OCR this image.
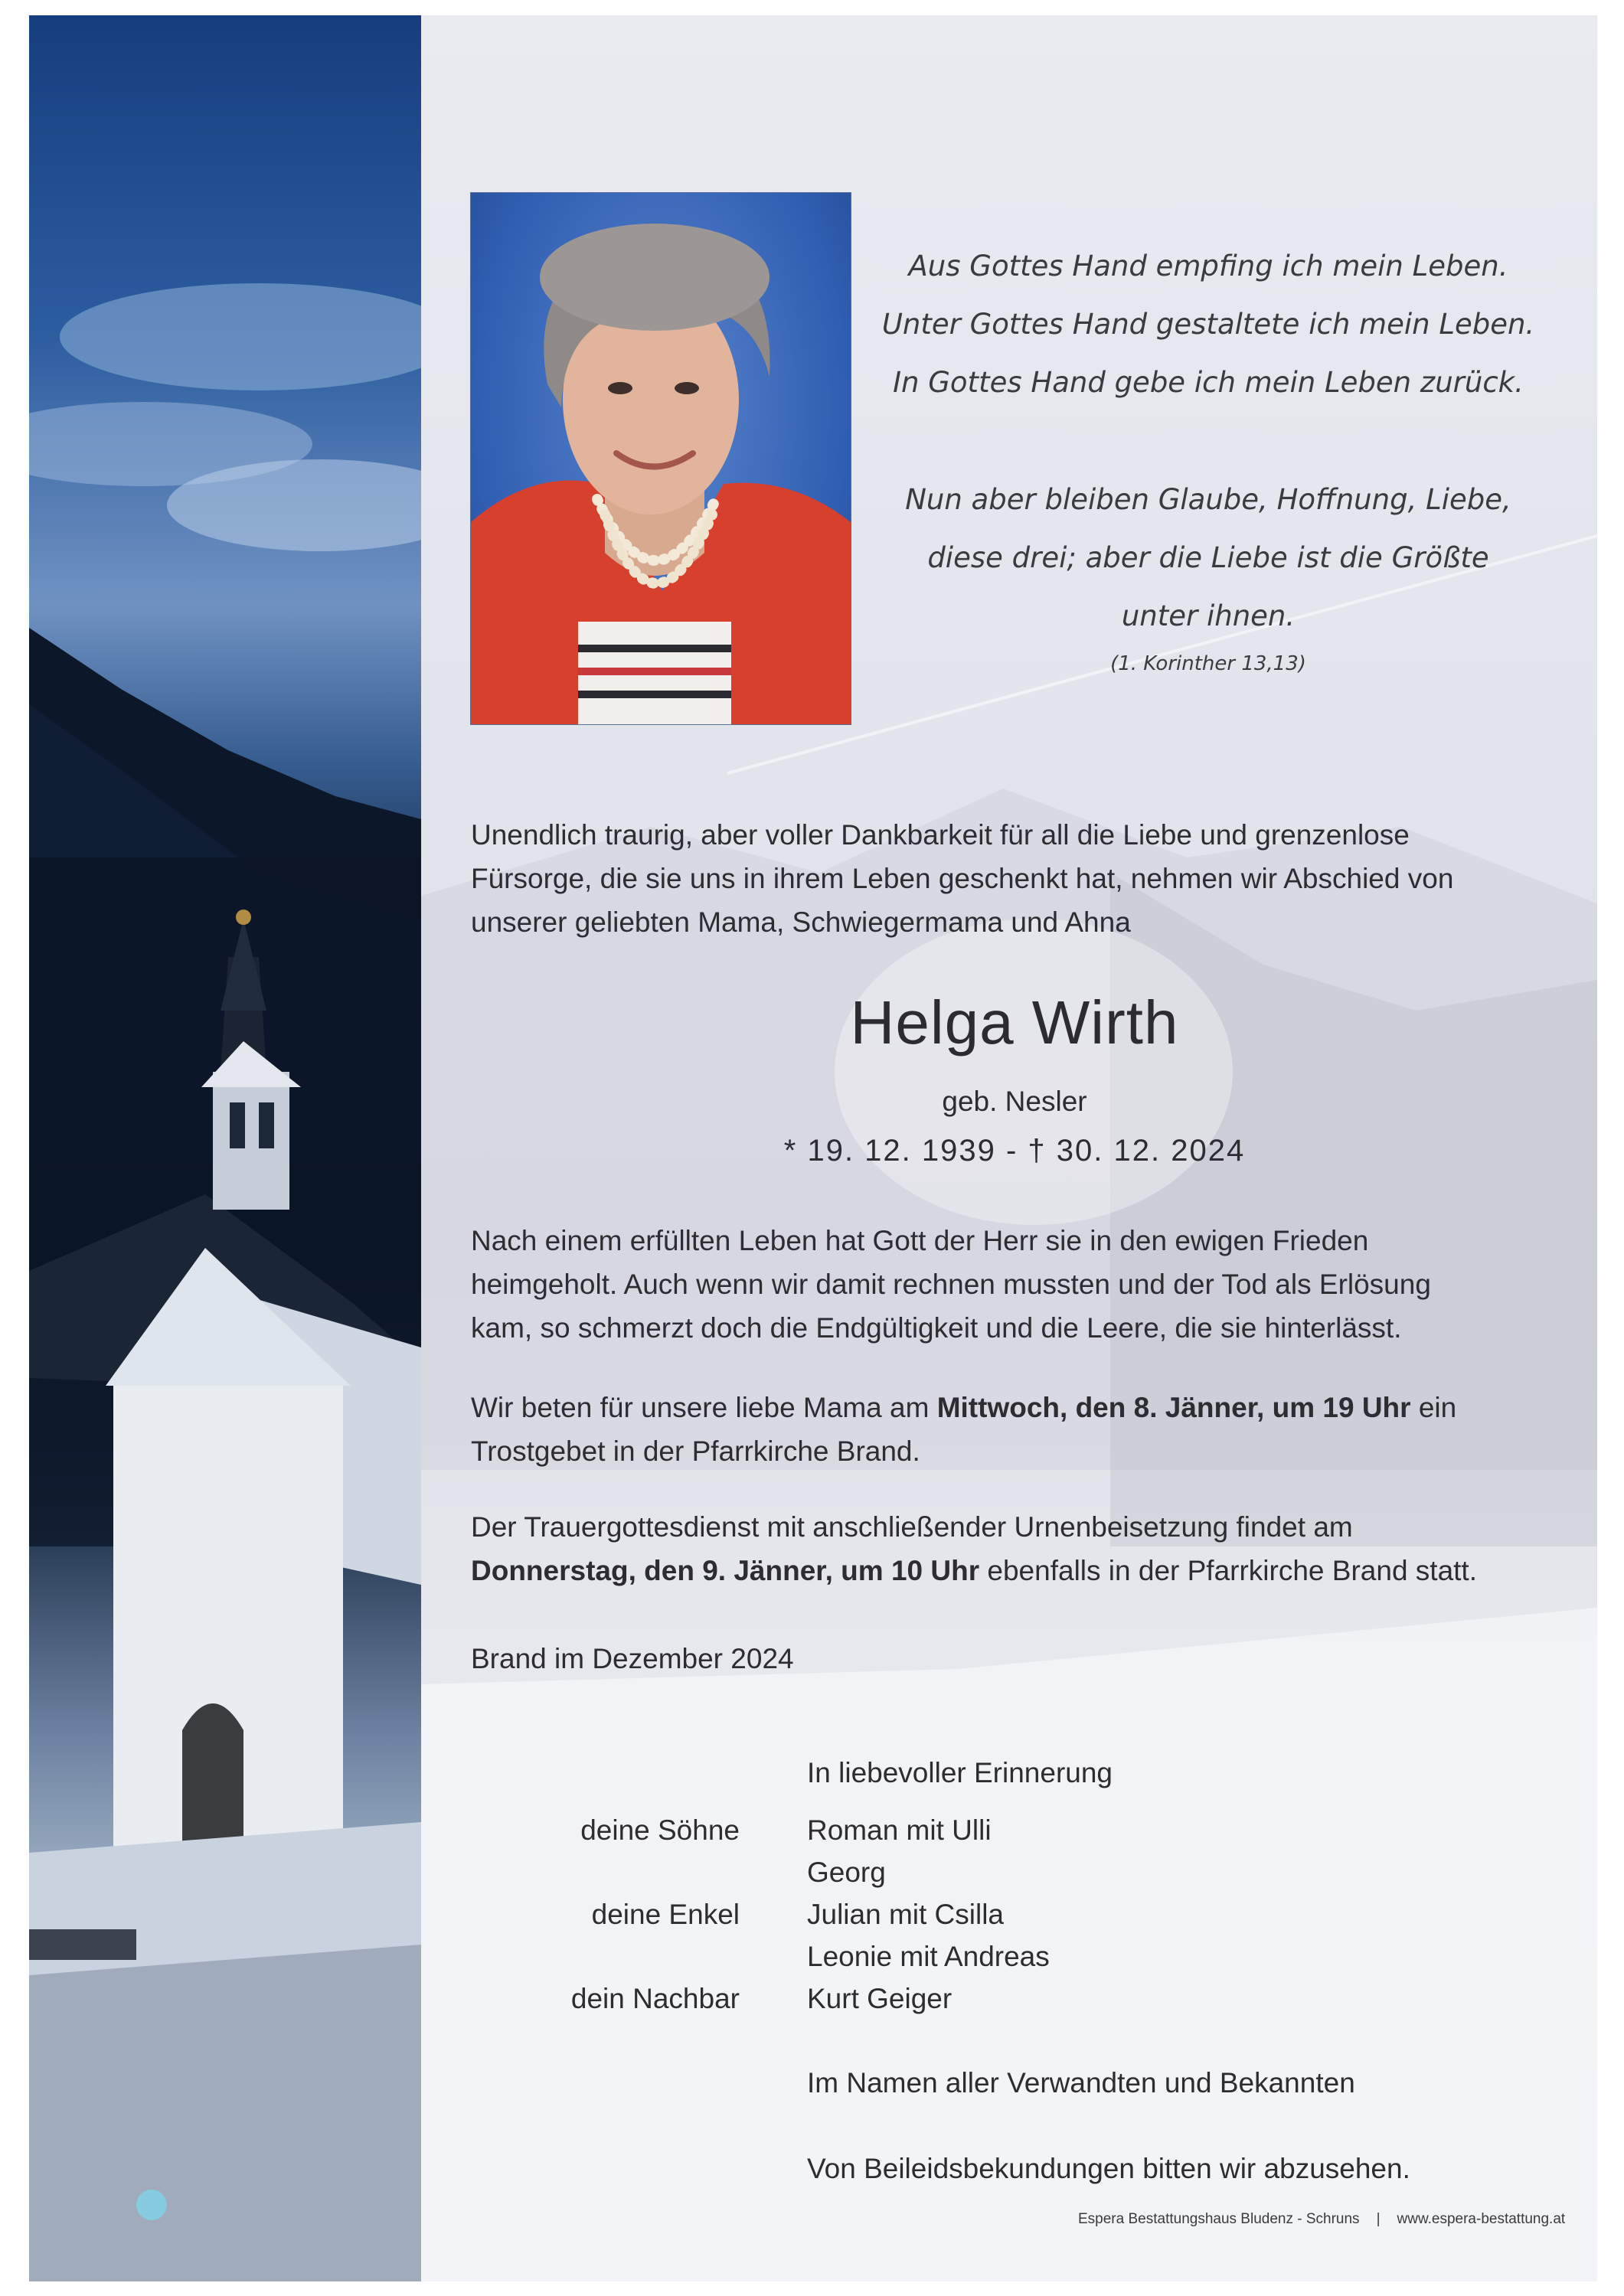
Aus Gottes Hand empfing ich mein Leben.
Unter Gottes Hand gestaltete ich mein Leben.
In Gottes Hand gebe ich mein Leben zurück.
Nun aber bleiben Glaube, Hoffnung, Liebe,
diese drei; aber die Liebe ist die Größte
unter ihnen.
(1. Korinther 13,13)
Unendlich traurig, aber voller Dankbarkeit für all die Liebe und grenzenlose
Fürsorge, die sie uns in ihrem Leben geschenkt hat, nehmen wir Abschied von
unserer geliebten Mama, Schwiegermama und Ahna
Helga Wirth
geb. Nesler
* 19. 12. 1939 - † 30. 12. 2024
Nach einem erfüllten Leben hat Gott der Herr sie in den ewigen Frieden
heimgeholt. Auch wenn wir damit rechnen mussten und der Tod als Erlösung
kam, so schmerzt doch die Endgültigkeit und die Leere, die sie hinterlässt.
Wir beten für unsere liebe Mama am Mittwoch, den 8. Jänner, um 19 Uhr ein
Trostgebet in der Pfarrkirche Brand.
Der Trauergottesdienst mit anschließender Urnenbeisetzung findet am
Donnerstag, den 9. Jänner, um 10 Uhr ebenfalls in der Pfarrkirche Brand statt.
Brand im Dezember 2024
In liebevoller Erinnerung
deine Söhne Roman mit Ulli
Georg
deine Enkel Julian mit Csilla
Leonie mit Andreas
dein Nachbar Kurt Geiger
Im Namen aller Verwandten und Bekannten
Von Beileidsbekundungen bitten wir abzusehen.
Espera Bestattungshaus Bludenz - Schruns | www.espera-bestattung.at
